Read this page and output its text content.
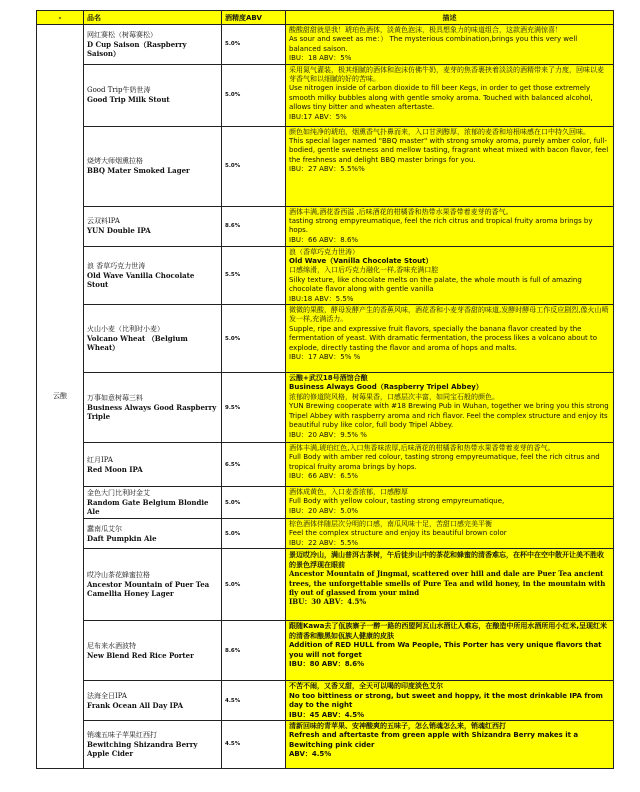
-	品名	酒精度ABV	描述
云酿	网红赛松（树莓赛松）
D Cup Saison（Raspberry Saison）	5.0%	酸酸甜甜就是我！琥珀色酒体，淡黄色泡沫，极具想象力的味道组合，这款酒充满惊喜！
As sour and sweet as me：） The mysterious combination,brings you this very well balanced saison.
IBU：18 ABV：5%

	Good Trip牛奶世涛
Good Trip Milk Stout	5.0%	采用氮气灌装，极其细腻的酒体和泡沫仿佛牛奶，麦芽的焦香裹挟着淡淡的酒精带来了力度，回味以麦芽香气和以细腻的好的苦味。
Use nitrogen inside of carbon dioxide to fill beer Kegs, in order to get those extremely smooth milky bubbles along with gentle smoky aroma. Touched with balanced alcohol, allows tiny bitter and wheaten aftertaste.
IBU:17 ABV：5%

	烧烤大师烟熏拉格
BBQ Mater Smoked Lager	5.0%	颜色如纯净的琥珀，烟熏香气扑鼻而来，入口甘洌醇厚，浓郁的麦香和培根味感在口中持久回味。
This special lager named "BBQ master" with strong smoky aroma, purely amber color, full-bodied, gentle sweetness and mellow tasting, fragrant wheat mixed with bacon flavor, feel the freshness and delight BBQ master brings for you.
IBU：27 ABV：5.5%%

	云双料IPA
YUN Double IPA	8.6%	酒体丰满,酒花香西溢 ,后味酒花的柑橘香和热带水果香带着麦芽的香气。
tasting strong empyreumatique, feel the rich citrus and tropical fruity aroma brings by hops.
IBU：66 ABV：8.6%

	浪 香草巧克力世涛
Old Wave Vanilla Chocolate Stout	5.5%	浪（香草巧克力世涛）
Old Wave（Vanilla Chocolate Stout）
口感绵滑，入口后巧克力融化一样,香味充满口腔
Silky texture, like chocolate melts on the palate, the whole mouth is full of amazing chocolate flavor along with gentle vanilla
IBU:18 ABV：5.5%

	火山小麦（比利时小麦）
Volcano Wheat （Belgium Wheat）	5.0%	微微的果酸，酵母发酵产生的香蕉风味，酒花香和小麦芽香甜的味道,发酵时酵母工作反应剧烈,像火山喷发一样,充满活力。
Supple, ripe and expressive fruit flavors, specially the banana flavor created by the fermentation of yeast. With dramatic fermentation, the process likes a volcano about to explode, directly tasting the flavor and aroma of hops and malts.
IBU：17 ABV：5% %

	万事如意树莓三料
Business Always Good Raspberry Triple	9.5%	云酿+武汉18号酒馆合酿
Business Always Good（Raspberry Tripel Abbey）
浓郁的修道院风格，树莓果香，口感层次丰富，如同宝石般的颜色。
YUN Brewing cooperate with #18 Brewing Pub in Wuhan, together we bring you this strong Tripel Abbey with raspberry aroma and rich flavor. Feel the complex structure and enjoy its beautiful ruby like color, full body Tripel Abbey.
IBU：20 ABV：9.5% %

	红月IPA
Red Moon IPA	6.5%	酒体丰满,琥珀红色,入口焦香味浓厚,后味酒花的柑橘香和热带水果香带着麦芽的香气。
Full Body with amber red colour, tasting strong empyreumatique, feel the rich citrus and tropical fruity aroma brings by hops.
IBU：66 ABV：6.5%

	金色大门比利时金艾
Random Gate Belgium Blondie Ale	5.0%	酒体成黄色，入口麦香浓郁，口感醇厚
Full Body with yellow colour, tasting strong empyreumatique,
IBU：20 ABV：5.0%

	蠢南瓜艾尔
Daft Pumpkin Ale	5.0%	棕色酒体伴随层次分明的口感，南瓜风味十足，苦甜口感完美平衡
Feel the complex structure and enjoy its beautiful brown color
IBU：22 ABV：5.5%

	哎冷山茶花蜂蜜拉格
Ancestor Mountain of Puer Tea Camellia Honey Lager	5.0%	景迈哎冷山，满山普洱古茶树，午后徒步山中的茶花和蜂蜜的清香难忘，在杯中在空中散开让美不胜收的景色浮现在眼前
Ancestor Mountain of Jingmai, scattered over hill and dale are Puer Tea ancient trees, the unforgettable smells of Pure Tea and wild honey, in the mountain with fly out of glassed from your mind
IBU：30 ABV：4.5%

	尼布来水酒波特
New Blend Red Rice Porter	8.6%	跟随Kawa去了佤族寨子一醉一路的西盟阿瓦山水酒让人难忘，在酿造中所用水酒所用小红米,呈现红米的清香和酿黑如佤族人健康的皮肤
Addition of RED HULL from Wa People, This Porter has very unique flavors that you will not forget
IBU：80 ABV：8.6%

	法海全日IPA
Frank Ocean All Day IPA	4.5%	不苦不闹，又香又甜，全天可以喝的印度淡色艾尔
No too bittiness or strong, but sweet and hoppy, it the most drinkable IPA from day to the night
IBU：45 ABV：4.5%

	销魂五味子苹果红西打
Bewitching Shizandra Berry Apple Cider	4.5%	清新回味的青苹果、安神酸爽的五味子，怎么销魂怎么来，销魂红西打
Refresh and aftertaste from green apple with Shizandra Berry makes it a Bewitching pink cider
ABV：4.5%
